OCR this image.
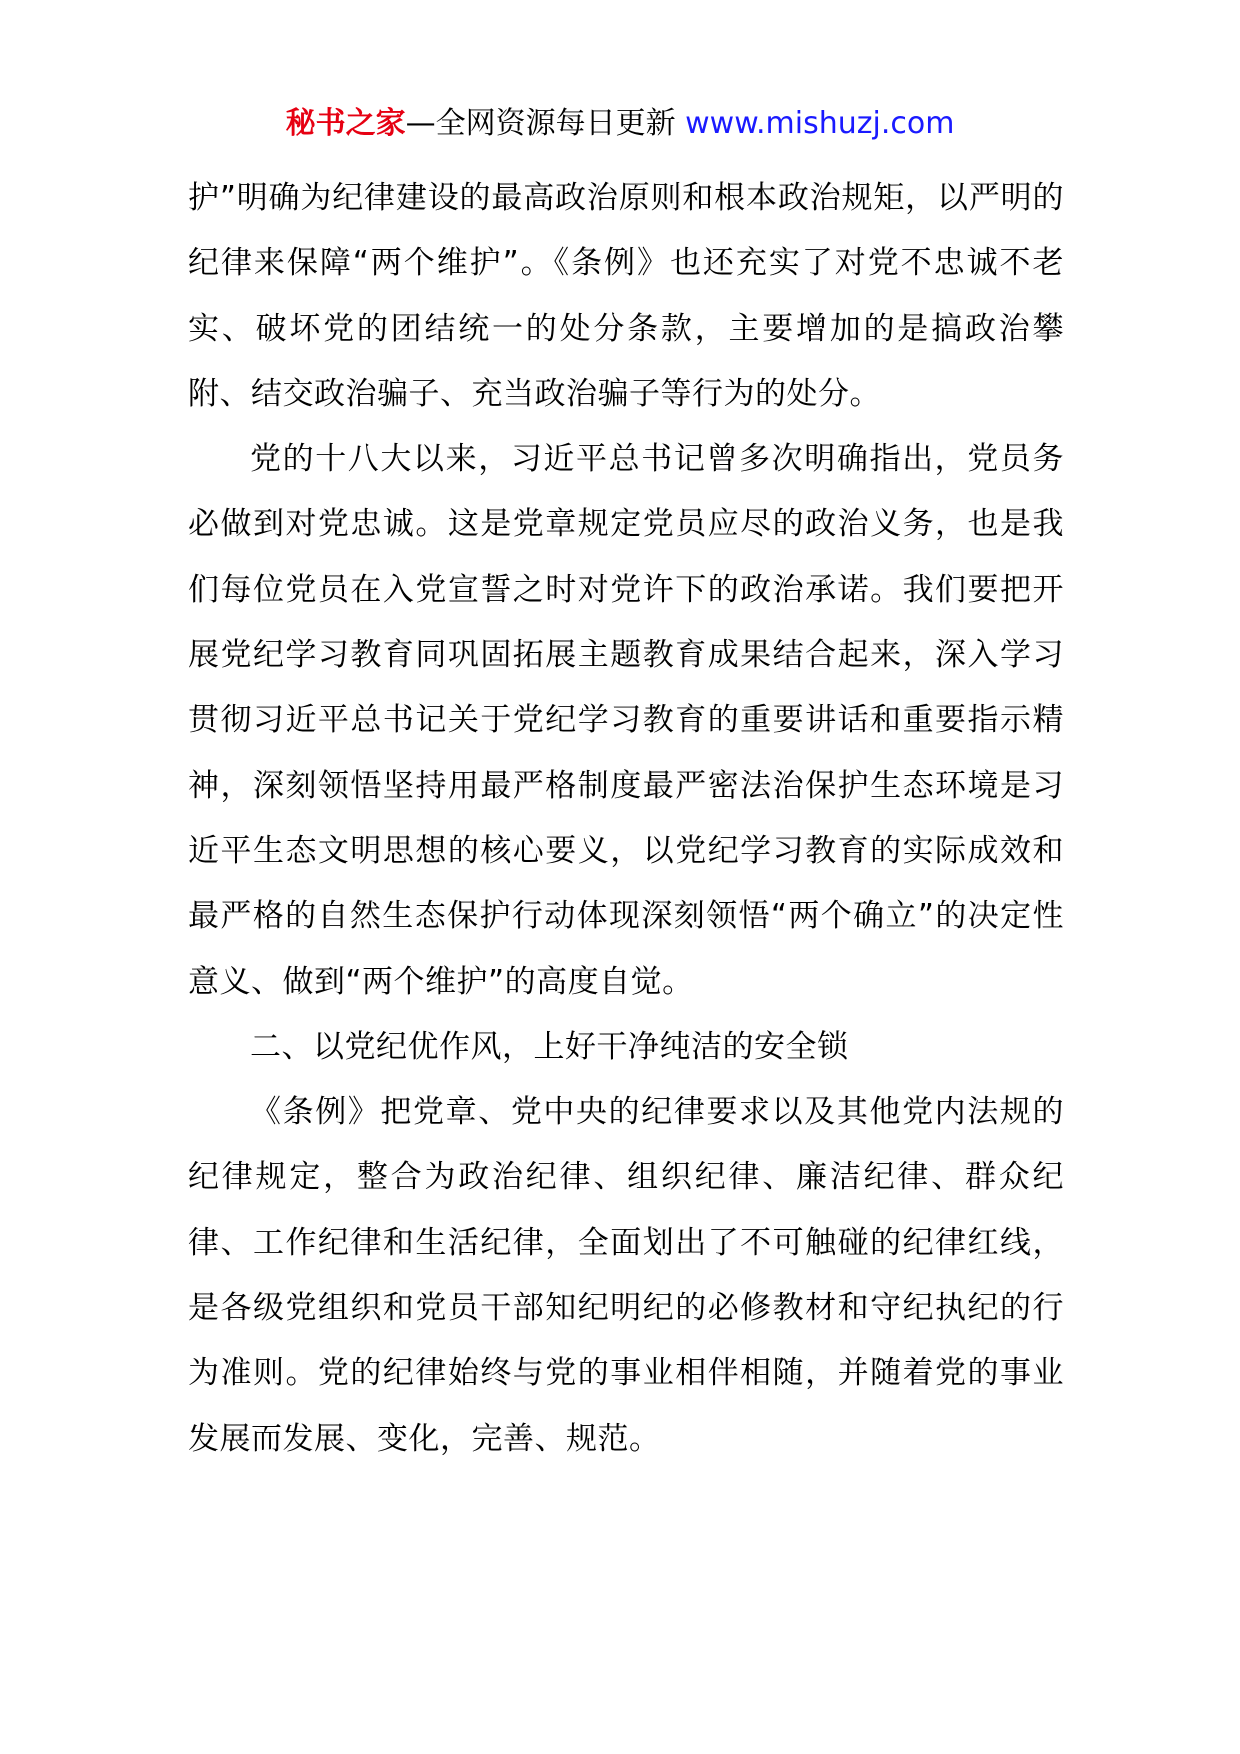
秘书之家—全网资源每日更新 www.mishuzj.com

护”明确为纪律建设的最高政治原则和根本政治规矩，以严明的纪律来保障“两个维护”。《条例》也还充实了对党不忠诚不老实、破坏党的团结统一的处分条款，主要增加的是搞政治攀附、结交政治骗子、充当政治骗子等行为的处分。

党的十八大以来，习近平总书记曾多次明确指出，党员务必做到对党忠诚。这是党章规定党员应尽的政治义务，也是我们每位党员在入党宣誓之时对党许下的政治承诺。我们要把开展党纪学习教育同巩固拓展主题教育成果结合起来，深入学习贯彻习近平总书记关于党纪学习教育的重要讲话和重要指示精神，深刻领悟坚持用最严格制度最严密法治保护生态环境是习近平生态文明思想的核心要义，以党纪学习教育的实际成效和最严格的自然生态保护行动体现深刻领悟“两个确立”的决定性意义、做到“两个维护”的高度自觉。

二、以党纪优作风，上好干净纯洁的安全锁

《条例》把党章、党中央的纪律要求以及其他党内法规的纪律规定，整合为政治纪律、组织纪律、廉洁纪律、群众纪律、工作纪律和生活纪律，全面划出了不可触碰的纪律红线，是各级党组织和党员干部知纪明纪的必修教材和守纪执纪的行为准则。党的纪律始终与党的事业相伴相随，并随着党的事业发展而发展、变化，完善、规范。
